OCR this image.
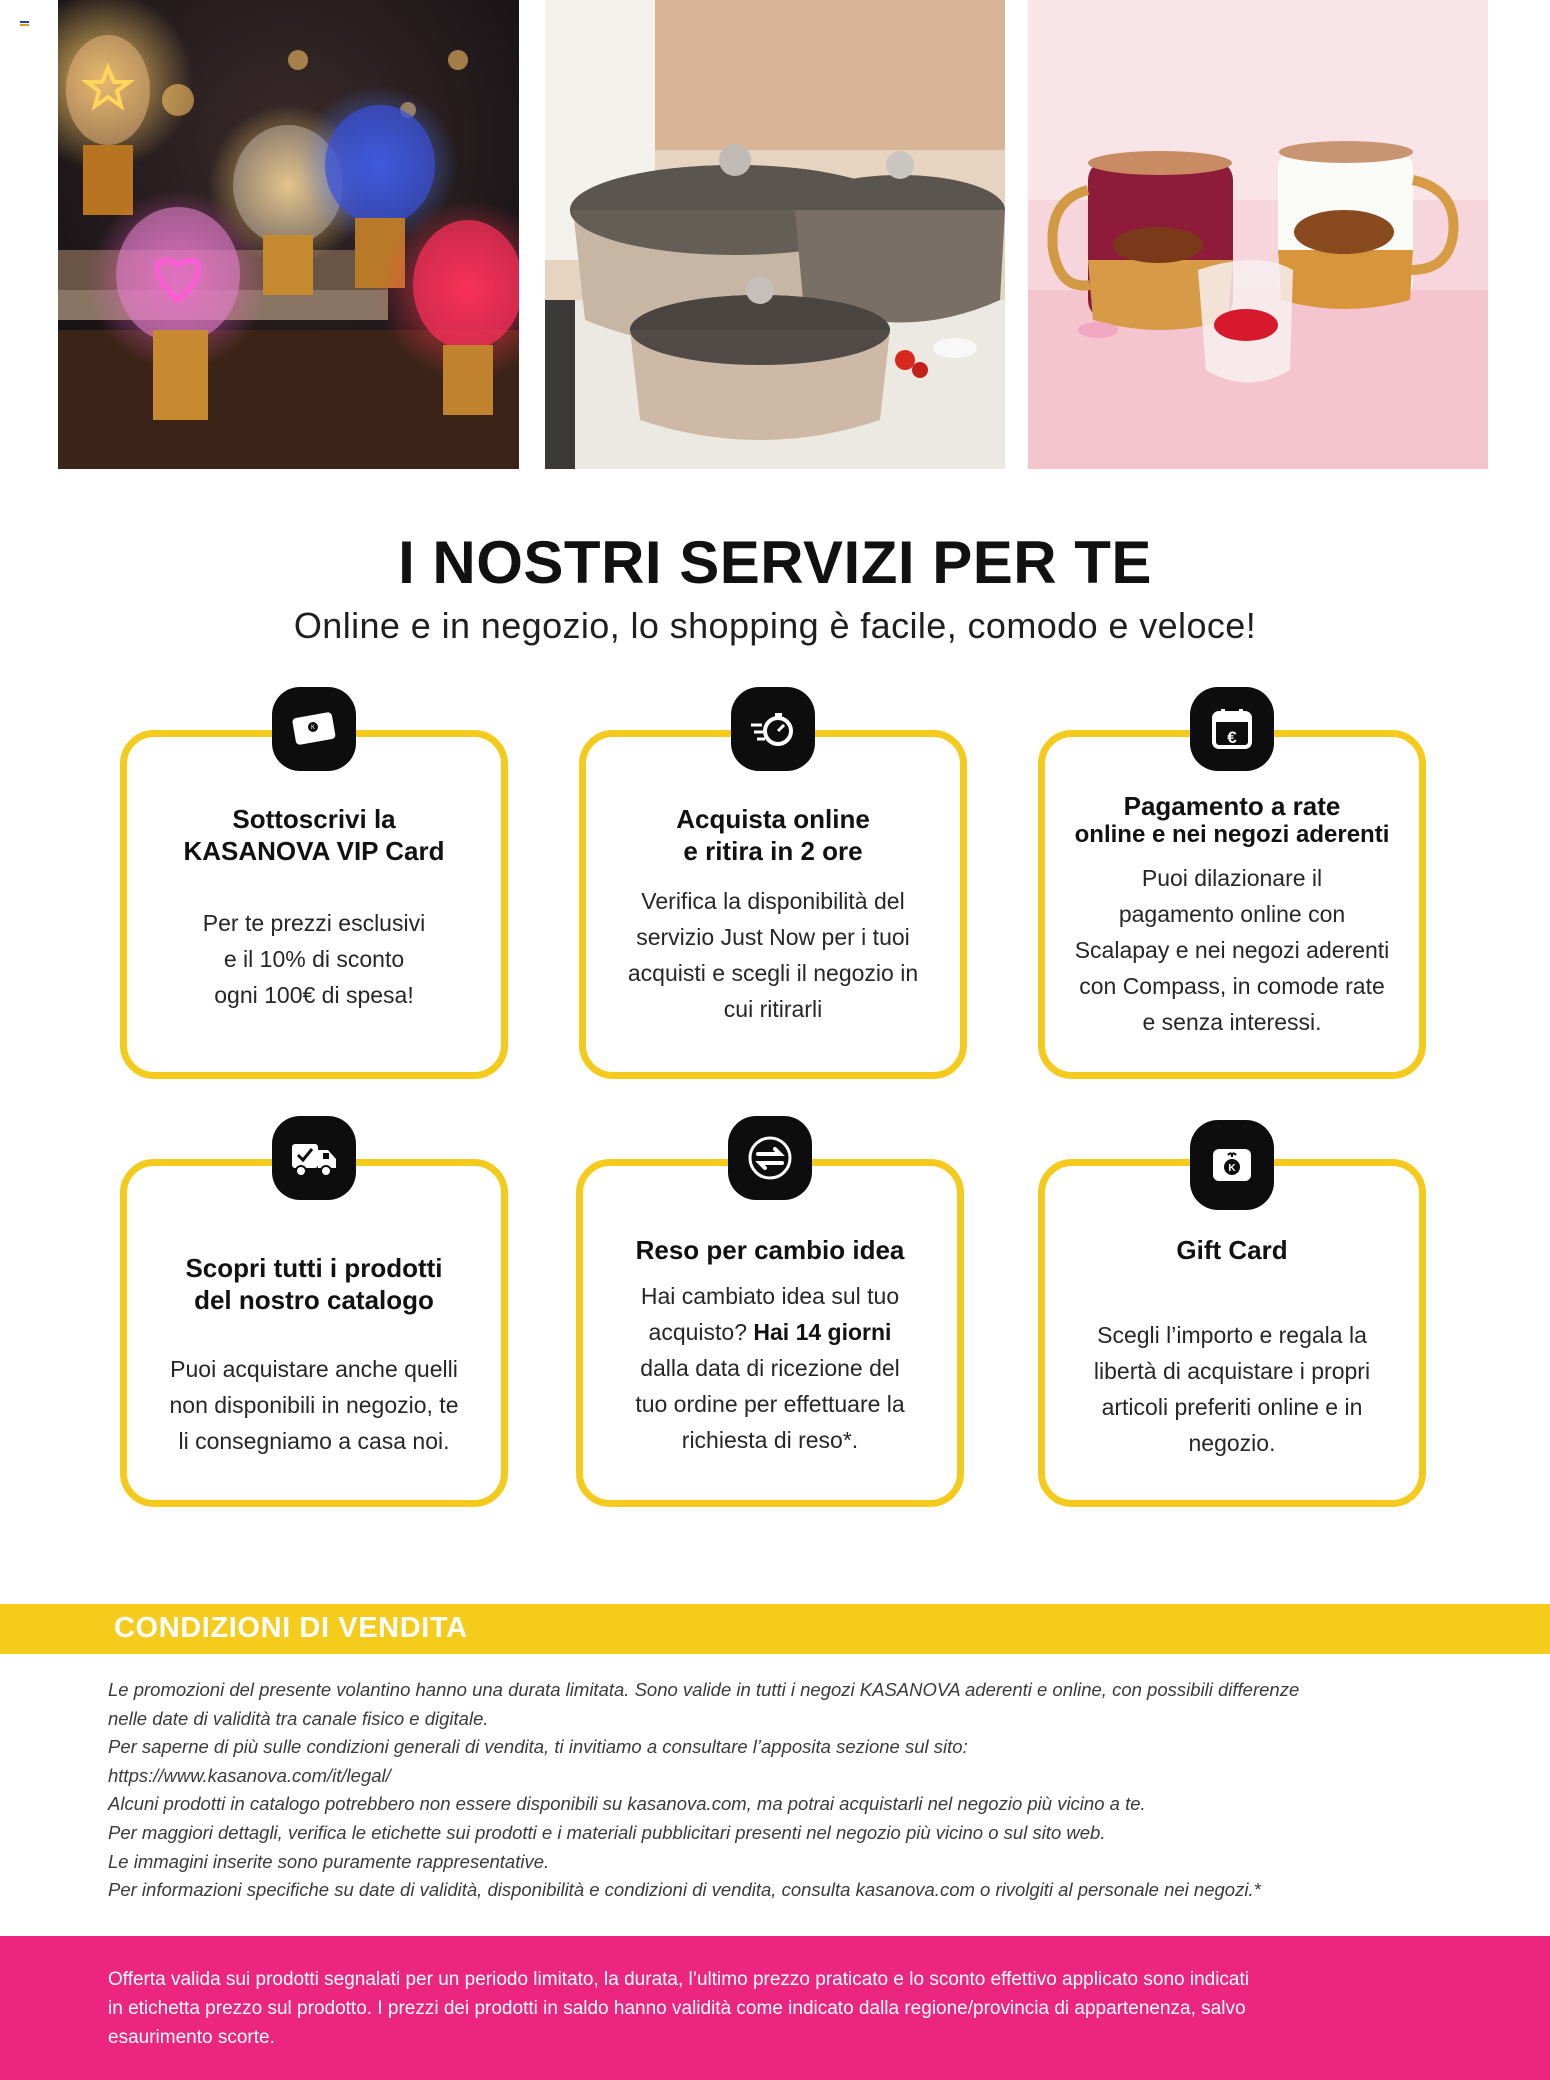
I NOSTRI SERVIZI PER TE
Online e in negozio, lo shopping è facile, comodo e veloce!
K
Sottoscrivi la
KASANOVA VIP Card
Per te prezzi esclusivi
e il 10% di sconto
ogni 100€ di spesa!
Acquista online
e ritira in 2 ore
Verifica la disponibilità del
servizio Just Now per i tuoi
acquisti e scegli il negozio in
cui ritirarli
€
Pagamento a rate
online e nei negozi aderenti
Puoi dilazionare il
pagamento online con
Scalapay e nei negozi aderenti
con Compass, in comode rate
e senza interessi.
Scopri tutti i prodotti
del nostro catalogo
Puoi acquistare anche quelli
non disponibili in negozio, te
li consegniamo a casa noi.
Reso per cambio idea
Hai cambiato idea sul tuo
acquisto? Hai 14 giorni
dalla data di ricezione del
tuo ordine per effettuare la
richiesta di reso*.
K
Gift Card
Scegli l’importo e regala la
libertà di acquistare i propri
articoli preferiti online e in
negozio.
CONDIZIONI DI VENDITA

Le promozioni del presente volantino hanno una durata limitata. Sono valide in tutti i negozi KASANOVA aderenti e online, con possibili differenze

nelle date di validità tra canale fisico e digitale.

Per saperne di più sulle condizioni generali di vendita, ti invitiamo a consultare l’apposita sezione sul sito:

https://www.kasanova.com/it/legal/

Alcuni prodotti in catalogo potrebbero non essere disponibili su kasanova.com, ma potrai acquistarli nel negozio più vicino a te.

Per maggiori dettagli, verifica le etichette sui prodotti e i materiali pubblicitari presenti nel negozio più vicino o sul sito web.

Le immagini inserite sono puramente rappresentative.

Per informazioni specifiche su date di validità, disponibilità e condizioni di vendita, consulta kasanova.com o rivolgiti al personale nei negozi.*

Offerta valida sui prodotti segnalati per un periodo limitato, la durata, l’ultimo prezzo praticato e lo sconto effettivo applicato sono indicati
in etichetta prezzo sul prodotto. I prezzi dei prodotti in saldo hanno validità come indicato dalla regione/provincia di appartenenza, salvo
esaurimento scorte.
